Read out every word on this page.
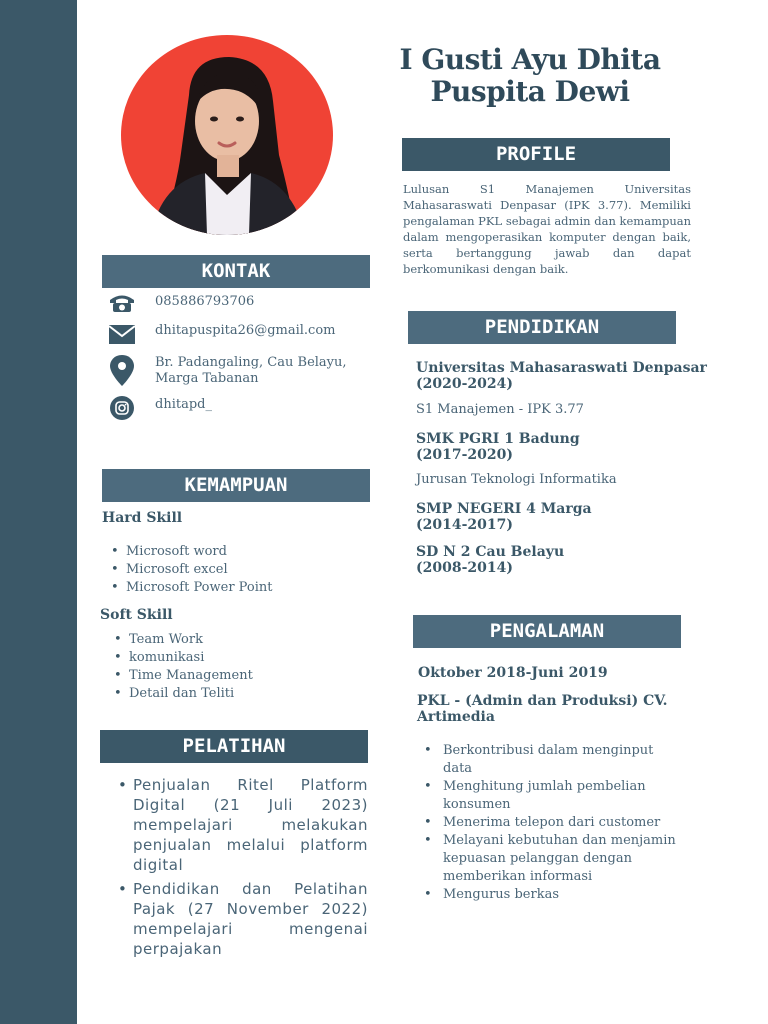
I Gusti Ayu Dhita
Puspita Dewi
PROFILE
Lulusan S1 Manajemen Universitas Mahasaraswati Denpasar (IPK 3.77). Memiliki pengalaman PKL sebagai admin dan kemampuan dalam mengoperasikan komputer dengan baik, serta bertanggung jawab dan dapat berkomunikasi dengan baik.
KONTAK
085886793706
dhitapuspita26@gmail.com
Br. Padangaling, Cau Belayu, Marga Tabanan
dhitapd_
KEMAMPUAN
Hard Skill
• Microsoft word
• Microsoft excel
• Microsoft Power Point
Soft Skill
• Team Work
• komunikasi
• Time Management
• Detail dan Teliti
PELATIHAN
• Penjualan Ritel Platform Digital (21 Juli 2023) mempelajari melakukan penjualan melalui platform digital
• Pendidikan dan Pelatihan Pajak (27 November 2022) mempelajari mengenai perpajakan
PENDIDIKAN
Universitas Mahasaraswati Denpasar
(2020-2024)
S1 Manajemen - IPK 3.77
SMK PGRI 1 Badung
(2017-2020)
Jurusan Teknologi Informatika
SMP NEGERI 4 Marga
(2014-2017)
SD N 2 Cau Belayu
(2008-2014)
PENGALAMAN
Oktober 2018-Juni 2019
PKL - (Admin dan Produksi) CV. Artimedia
• Berkontribusi dalam menginput data
• Menghitung jumlah pembelian konsumen
• Menerima telepon dari customer
• Melayani kebutuhan dan menjamin kepuasan pelanggan dengan memberikan informasi
• Mengurus berkas
